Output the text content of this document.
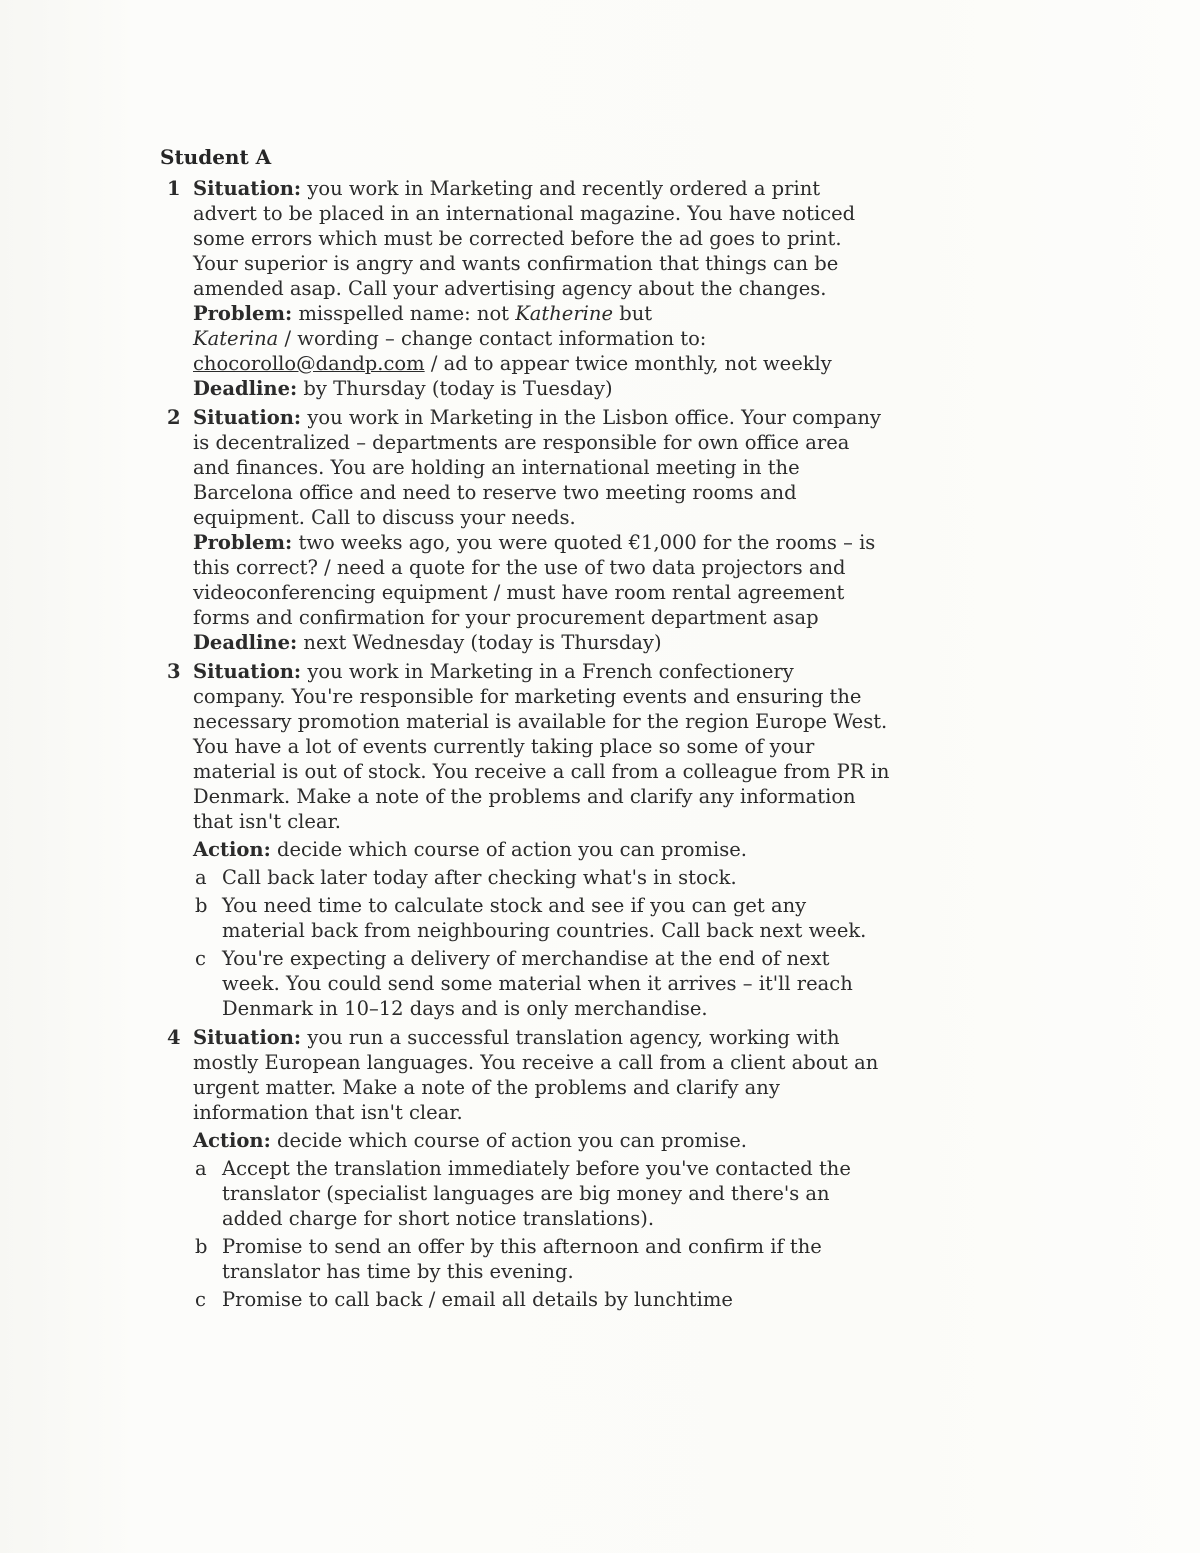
Student A
1 Situation: you work in Marketing and recently ordered a print advert to be placed in an international magazine. You have noticed some errors which must be corrected before the ad goes to print. Your superior is angry and wants confirmation that things can be amended asap. Call your advertising agency about the changes.

Problem: misspelled name: not Katherine but
Katerina / wording – change contact information to:
chocorollo@dandp.com / ad to appear twice monthly, not weekly

Deadline: by Thursday (today is Tuesday)

2 Situation: you work in Marketing in the Lisbon office. Your company is decentralized – departments are responsible for own office area and finances. You are holding an international meeting in the Barcelona office and need to reserve two meeting rooms and equipment. Call to discuss your needs.
Problem: two weeks ago, you were quoted €1,000 for the rooms – is this correct? / need a quote for the use of two data projectors and videoconferencing equipment / must have room rental agreement forms and confirmation for your procurement department asap

Deadline: next Wednesday (today is Thursday)

3 Situation: you work in Marketing in a French confectionery company. You're responsible for marketing events and ensuring the necessary promotion material is available for the region Europe West. You have a lot of events currently taking place so some of your material is out of stock. You receive a call from a colleague from PR in Denmark. Make a note of the problems and clarify any information that isn't clear.

Action: decide which course of action you can promise.

a Call back later today after checking what's in stock.

b You need time to calculate stock and see if you can get any material back from neighbouring countries. Call back next week.

c You're expecting a delivery of merchandise at the end of next week. You could send some material when it arrives – it'll reach Denmark in 10–12 days and is only merchandise.

4 Situation: you run a successful translation agency, working with mostly European languages. You receive a call from a client about an urgent matter. Make a note of the problems and clarify any information that isn't clear.

Action: decide which course of action you can promise.

a Accept the translation immediately before you've contacted the translator (specialist languages are big money and there's an added charge for short notice translations).

b Promise to send an offer by this afternoon and confirm if the translator has time by this evening.

c Promise to call back / email all details by lunchtime
